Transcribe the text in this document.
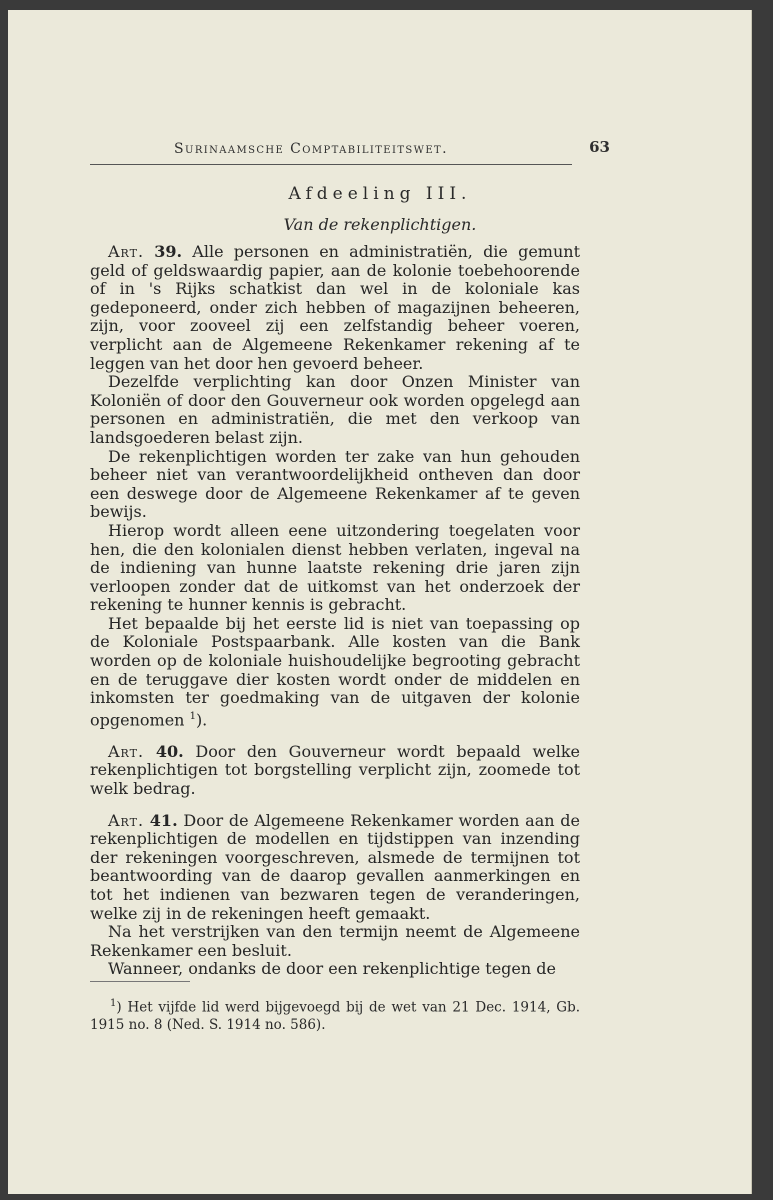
Surinaamsche Comptabiliteitswet.	63
Afdeeling III.
Van de rekenplichtigen.

Art. 39. Alle personen en administratiën, die gemunt geld of geldswaardig papier, aan de kolonie toebehoorende of in 's Rijks schatkist dan wel in de koloniale kas gedeponeerd, onder zich hebben of magazijnen beheeren, zijn, voor zooveel zij een zelfstandig beheer voeren, verplicht aan de Algemeene Rekenkamer rekening af te leggen van het door hen gevoerd beheer.

Dezelfde verplichting kan door Onzen Minister van Koloniën of door den Gouverneur ook worden opgelegd aan personen en administratiën, die met den verkoop van landsgoederen belast zijn.

De rekenplichtigen worden ter zake van hun gehouden beheer niet van verantwoordelijkheid ontheven dan door een deswege door de Algemeene Rekenkamer af te geven bewijs.

Hierop wordt alleen eene uitzondering toegelaten voor hen, die den kolonialen dienst hebben verlaten, ingeval na de indiening van hunne laatste rekening drie jaren zijn verloopen zonder dat de uitkomst van het onderzoek der rekening te hunner kennis is gebracht.

Het bepaalde bij het eerste lid is niet van toepassing op de Koloniale Postspaarbank. Alle kosten van die Bank worden op de koloniale huishoudelijke begrooting gebracht en de teruggave dier kosten wordt onder de middelen en inkomsten ter goedmaking van de uitgaven der kolonie opgenomen $^1$).

Art. 40. Door den Gouverneur wordt bepaald welke rekenplichtigen tot borgstelling verplicht zijn, zoomede tot welk bedrag.

Art. 41. Door de Algemeene Rekenkamer worden aan de rekenplichtigen de modellen en tijdstippen van inzending der rekeningen voorgeschreven, alsmede de termijnen tot beantwoording van de daarop gevallen aanmerkingen en tot het indienen van bezwaren tegen de veranderingen, welke zij in de rekeningen heeft gemaakt.

Na het verstrijken van den termijn neemt de Algemeene Rekenkamer een besluit.

Wanneer, ondanks de door een rekenplichtige tegen de

$^1$) Het vijfde lid werd bijgevoegd bij de wet van 21 Dec. 1914, Gb. 1915 no. 8 (Ned. S. 1914 no. 586).
